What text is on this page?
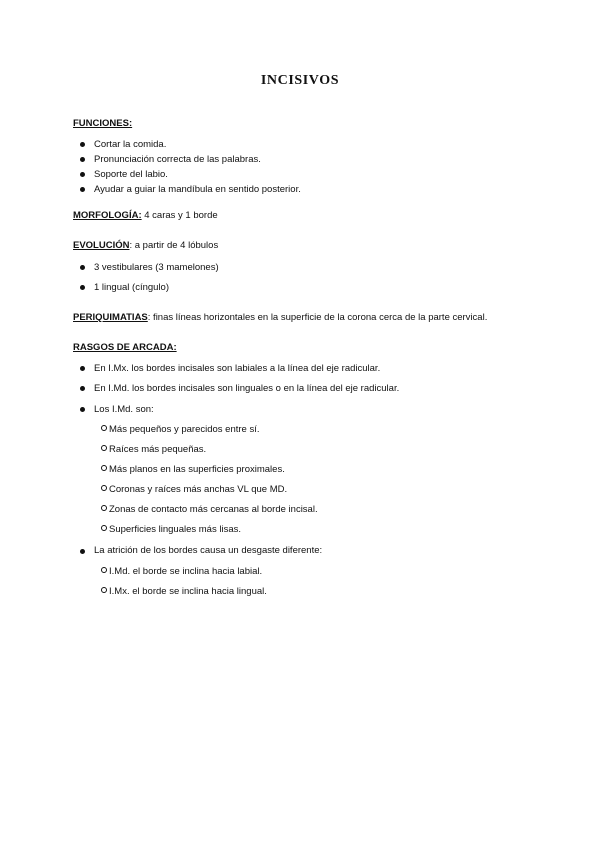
INCISIVOS
FUNCIONES:
Cortar la comida.
Pronunciación correcta de las palabras.
Soporte del labio.
Ayudar a guiar la mandíbula en sentido posterior.
MORFOLOGÍA: 4 caras y 1 borde
EVOLUCIÓN: a partir de 4 lóbulos
3 vestibulares (3 mamelones)
1 lingual (cíngulo)
PERIQUIMATIAS: finas líneas horizontales en la superficie de la corona cerca de la parte cervical.
RASGOS DE ARCADA:
En I.Mx. los bordes incisales son labiales a la línea del eje radicular.
En I.Md. los bordes incisales son linguales o en la línea del eje radicular.
Los I.Md. son:
Más pequeños y parecidos entre sí.
Raíces más pequeñas.
Más planos en las superficies proximales.
Coronas y raíces más anchas VL que MD.
Zonas de contacto más cercanas al borde incisal.
Superficies linguales más lisas.
La atrición de los bordes causa un desgaste diferente:
I.Md. el borde se inclina hacia labial.
I.Mx. el borde se inclina hacia lingual.
